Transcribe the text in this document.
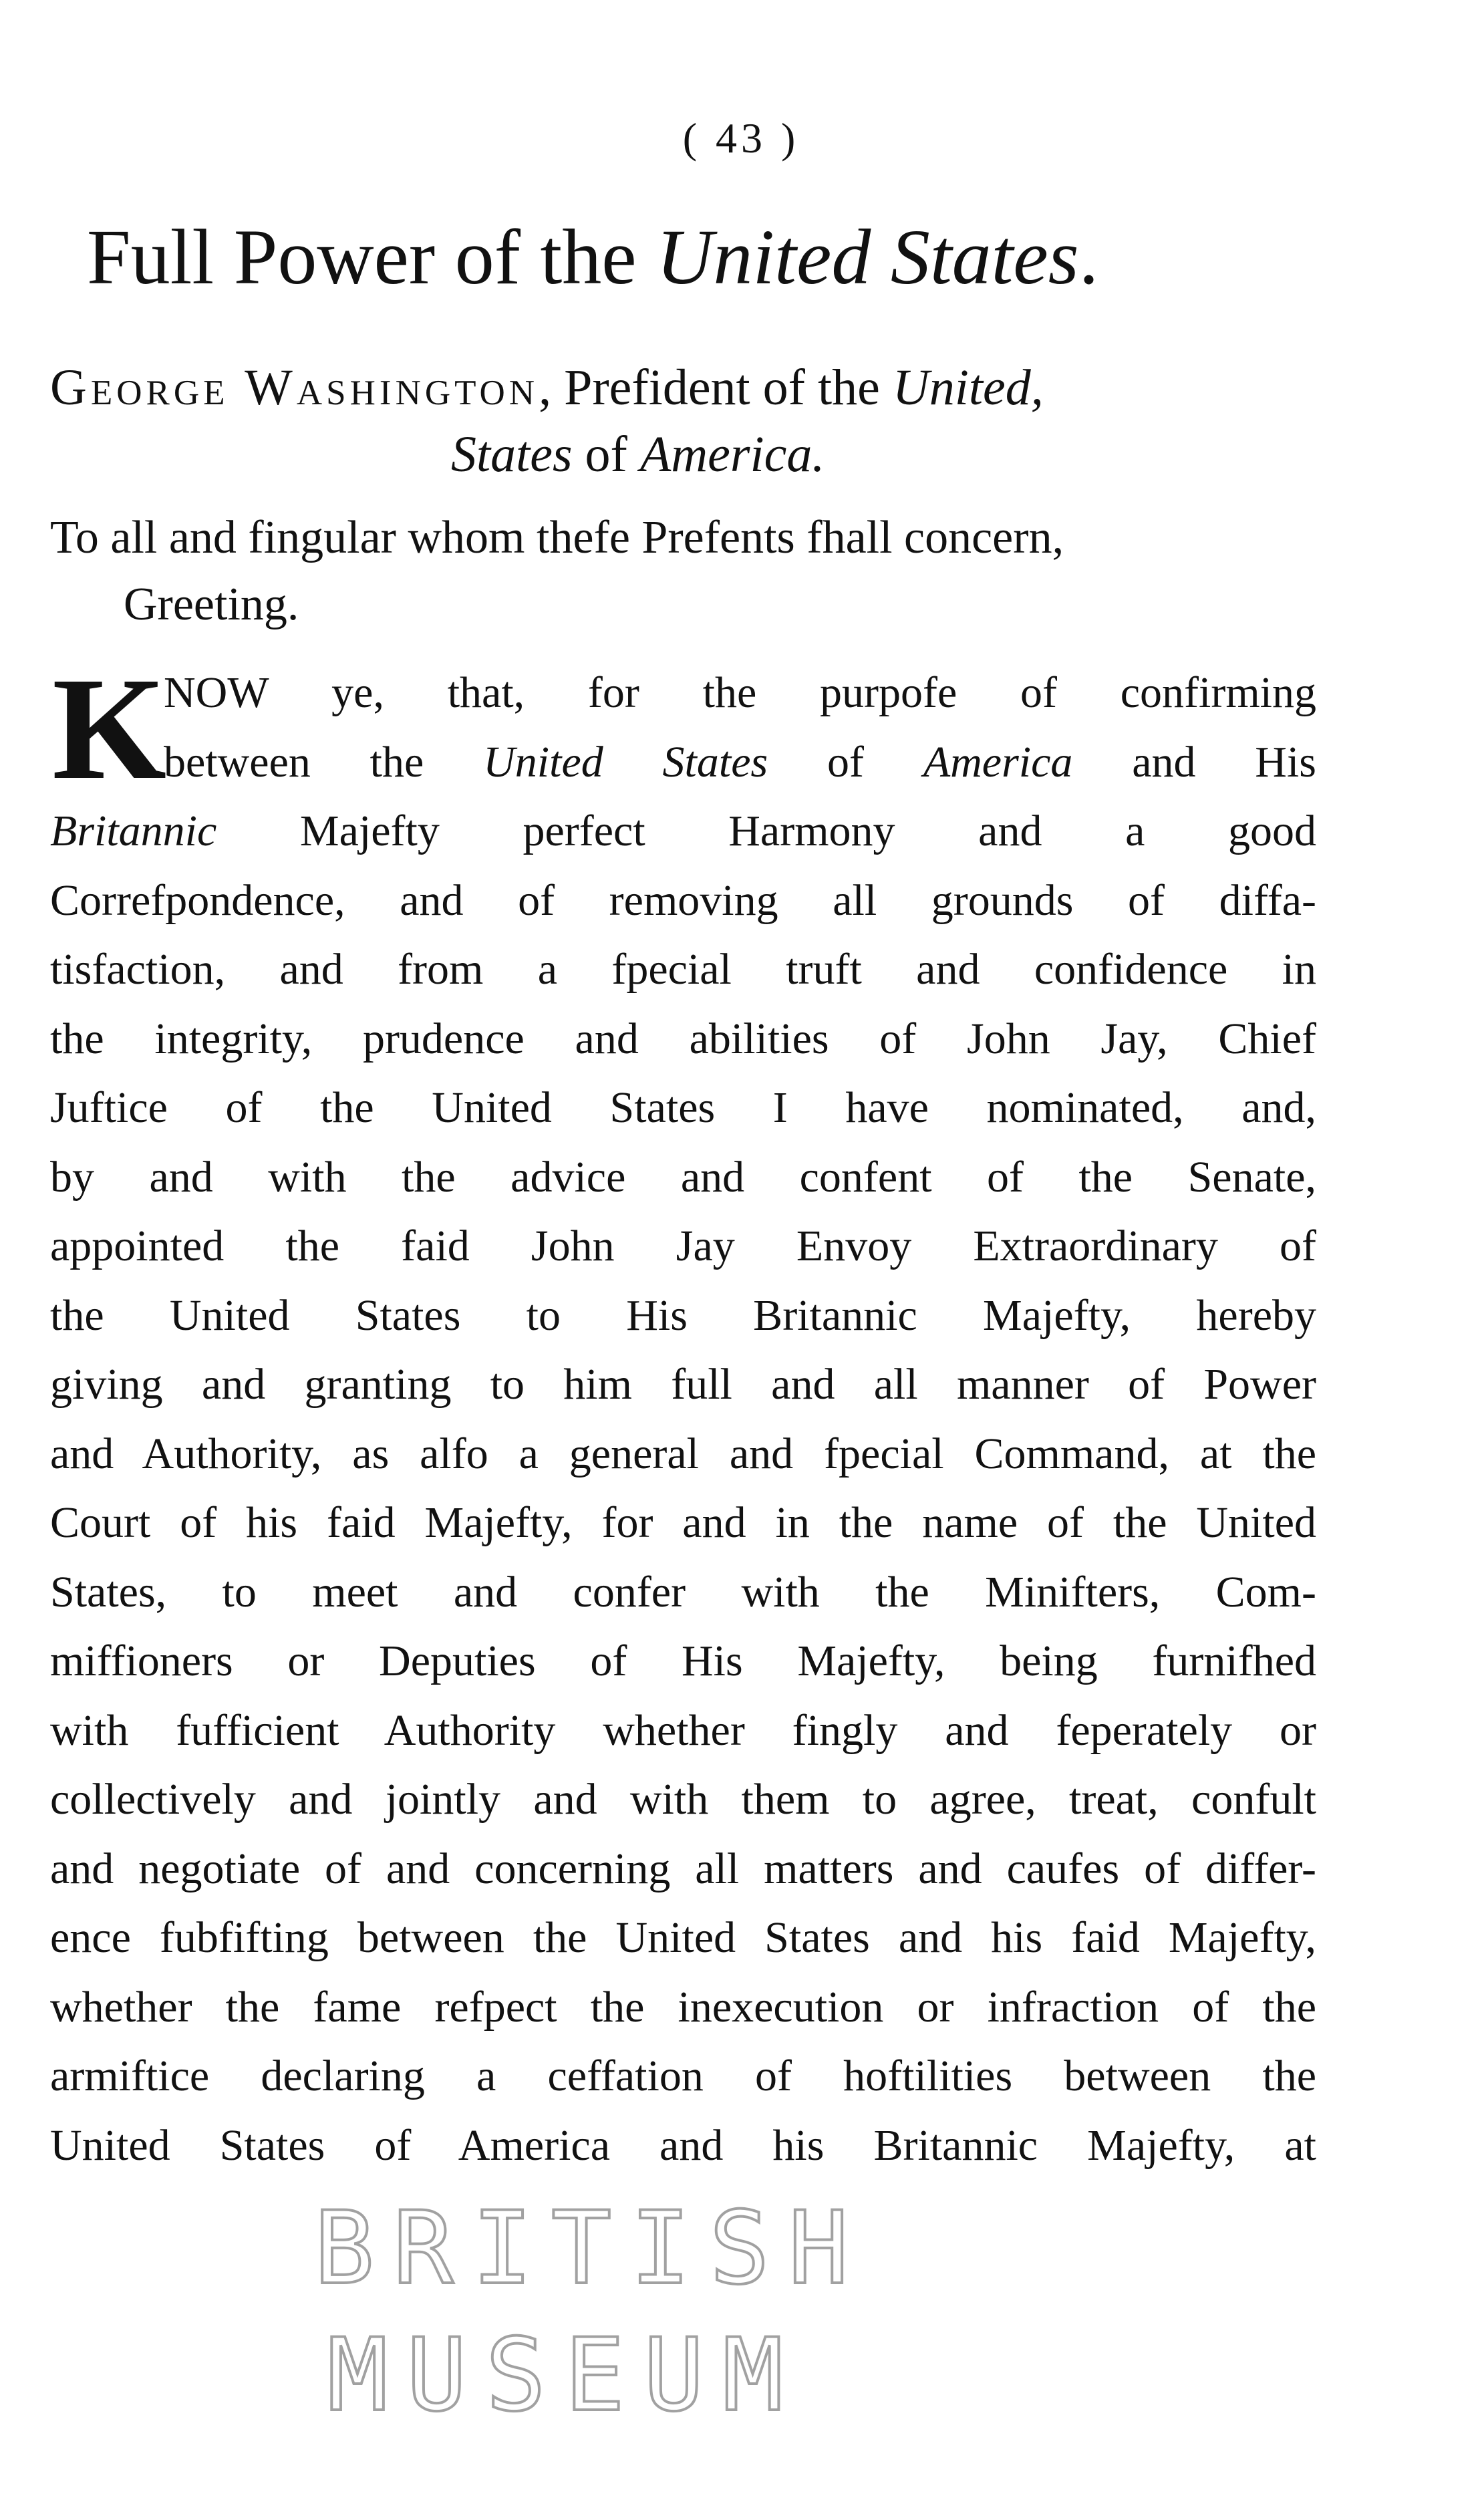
( 43 )
Full Power of the United States.
George Washington, Prefident of the United,
States of America.
To all and fingular whom thefe Prefents fhall concern,
Greeting.
K
NOW ye, that, for the purpofe of confirming
between the United States of America and His
Britannic Majefty perfect Harmony and a good
Correfpondence, and of removing all grounds of diffa-
tisfaction, and from a fpecial truft and confidence in
the integrity, prudence and abilities of John Jay, Chief
Juftice of the United States I have nominated, and,
by and with the advice and confent of the Senate,
appointed the faid John Jay Envoy Extraordinary of
the United States to His Britannic Majefty, hereby
giving and granting to him full and all manner of Power
and Authority, as alfo a general and fpecial Command, at the
Court of his faid Majefty, for and in the name of the United
States, to meet and confer with the Minifters, Com-
miffioners or Deputies of His Majefty, being furnifhed
with fufficient Authority whether fingly and feperately or
collectively and jointly and with them to agree, treat, confult
and negotiate of and concerning all matters and caufes of differ-
ence fubfifting between the United States and his faid Majefty,
whether the fame refpect the inexecution or infraction of the
armiftice declaring a ceffation of hoftilities between the
United States of America and his Britannic Majefty, at
BRITISH
MUSEUM
